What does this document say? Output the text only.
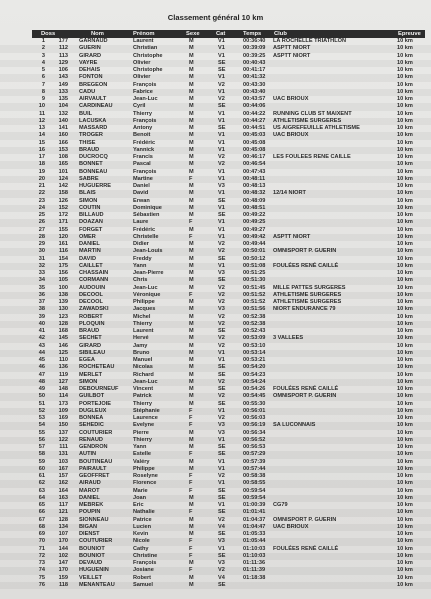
Classement général 10 km
Doss	Nom	Prénom	Sexe	Cat	Temps Club	Epreuve
1	177 GARNAUD	Laurent	M	V1	00:36:40 LA ROCHELLE TRIATHLON	10 km
2	112 GUERIN	Christian	M	V1	00:39:09 ASPTT NIORT	10 km
3	113 GIRARD	Christophe	M	V1	00:39:25 ASPTT NIORT	10 km
4	129 VAYRE	Olivier	M	SE	00:40:43	10 km
5	106 DEHAIS	Christophe	M	SE	00:41:17	10 km
6	143 FONTON	Olivier	M	V1	00:41:32	10 km
7	149 BREGEON	François	M	V2	00:43:30	10 km
8	133 CADU	Fabrice	M	V1	00:43:40	10 km
9	135 AIRVAULT	Jean-Luc	M	V2	00:43:57 UAC BRIOUX	10 km
10	104 CARDINEAU	Cyril	M	SE	00:44:06	10 km
11	132 BUIL	Thierry	M	V1	00:44:22 RUNNING CLUB ST MAIXENT	10 km
12	140 LACUSKA	François	M	V1	00:44:27 ATHLETISME SURGERES	10 km
13	141 MASSARD	Antony	M	SE	00:44:51 US AIGREFEUILLE ATHLETISME	10 km
14	160 TROGER	Benoit	M	V1	00:45:03 UAC BRIOUX	10 km
15	166 THISE	Frédéric	M	V1	00:45:08	10 km
16	153 BRAUD	Yannick	M	V1	00:45:08	10 km
17	108 DUCROCQ	Francis	M	V2	00:46:17 LES FOULEES RENE CAILLE	10 km
18	165 BONNET	Pascal	M	V2	00:46:54	10 km
19	101 BONNEAU	François	M	V1	00:47:43	10 km
20	124 SABRE	Martine	F	V1	00:48:11	10 km
21	142 HUGUERRE	Daniel	M	V3	00:48:13	10 km
22	158 BLAIS	David	M	V1	00:48:32 12/14 NIORT	10 km
23	126 SIMON	Erwan	M	SE	00:48:09	10 km
24	152 COUTIN	Dominique	M	V1	00:48:51	10 km
25	172 BILLAUD	Sébastien	M	SE	00:49:22	10 km
26	171 DOAZAN	Laure	F	V1	00:49:25	10 km
27	155 FORGET	Frédéric	M	V1	00:49:27	10 km
28	120 OMER	Christelle	F	V1	00:49:42 ASPTT NIORT	10 km
29	161 DANIEL	Didier	M	V2	00:49:44	10 km
30	116 MARTIN	Jean-Louis	M	V2	00:50:01 OMNISPORT P. GUERIN	10 km
31	154 DAVID	Freddy	M	SE	00:50:12	10 km
32	175 CAILLET	Yann	M	V1	00:51:08 FOULÉES RENÉ CAILLÉ	10 km
33	156 CHASSAIN	Jean-Pierre	M	V3	00:51:25	10 km
34	105 CORMANN	Chris	M	SE	00:51:30	10 km
35	100 AUDOUIN	Jean-Luc	M	V2	00:51:45 MILLE PATTES SURGERES	10 km
36	138 DECOOL	Véronique	F	V2	00:51:52 ATHLETISME SURGERES	10 km
37	139 DECOOL	Philippe	M	V2	00:51:52 ATHLETISME SURGERES	10 km
38	130 ZAWADSKI	Jacques	M	V3	00:51:56 NIORT ENDURANCE 79	10 km
39	123 ROBERT	Michel	M	V2	00:52:38	10 km
40	128 PLOQUIN	Thierry	M	V2	00:52:38	10 km
41	168 BRAUD	Laurent	M	SE	00:52:43	10 km
42	145 SECHET	Hervé	M	V2	00:53:09 3 VALLEES	10 km
43	146 GIRARD	Jamy	M	V2	00:53:10	10 km
44	125 SIBILEAU	Bruno	M	V1	00:53:14	10 km
45	110 EGEA	Manuel	M	V1	00:53:21	10 km
46	136 ROCHETEAU	Nicolas	M	SE	00:54:20	10 km
47	119 MERLET	Richard	M	SE	00:54:23	10 km
48	127 SIMON	Jean-Luc	M	V2	00:54:24	10 km
49	148 DEBOURNEUF	Vincent	M	SE	00:54:26 FOULÉES RENÉ CAILLÉ	10 km
50	114 GUILBOT	Patrick	M	V2	00:54:45 OMNISPORT P. GUERIN	10 km
51	173 PORTEJOIE	Thierry	M	SE	00:55:30	10 km
52	109 DUGLEUX	Stéphanie	F	V1	00:56:01	10 km
53	169 BONNEA	Laurence	F	V2	00:56:03	10 km
54	150 SEHEDIC	Evelyne	F	V3	00:56:19 SA LUCONNAIS	10 km
55	137 COUTURIER	Pierre	M	V3	00:56:34	10 km
56	122 RENAUD	Thierry	M	V1	00:56:52	10 km
57	111 GENDRON	Yann	M	SE	00:56:53	10 km
58	131 AUTIN	Estelle	F	SE	00:57:29	10 km
59	103 BOUTINEAU	Valéry	M	V1	00:57:39	10 km
60	167 PAIRAULT	Philippe	M	V1	00:57:44	10 km
61	157 GEOFFRET	Roselyne	F	V2	00:58:38	10 km
62	162 AIRAUD	Florence	F	V1	00:58:55	10 km
63	164 MAROT	Marie	F	SE	00:59:54	10 km
64	163 DANIEL	Joan	M	SE	00:59:54	10 km
65	117 MEBREK	Eric	M	V1	01:00:39 CG79	10 km
66	121 POUPIN	Nathalie	F	SE	01:01:41	10 km
67	128 SIONNEAU	Patrice	M	V2	01:04:37 OMNISPORT P. GUERIN	10 km
68	134 BIGAN	Lucien	M	V4	01:04:47 UAC BRIOUX	10 km
69	107 DIENST	Kevin	M	SE	01:05:33	10 km
70	170 COUTURIER	Nicole	F	V3	01:05:44	10 km
71	144 BOUNIOT	Cathy	F	V1	01:10:03 FOULÉES RENÉ CAILLÉ	10 km
72	102 BOUNIOT	Christine	F	SE	01:10:03	10 km
73	147 DEVAUD	François	M	V3	01:11:36	10 km
74	170 HUGUENIN	Josiane	F	V2	01:11:39	10 km
75	159 VEILLET	Robert	M	V4	01:18:38	10 km
76	118 MENANTEAU	Samuel	M	SE	10 km
